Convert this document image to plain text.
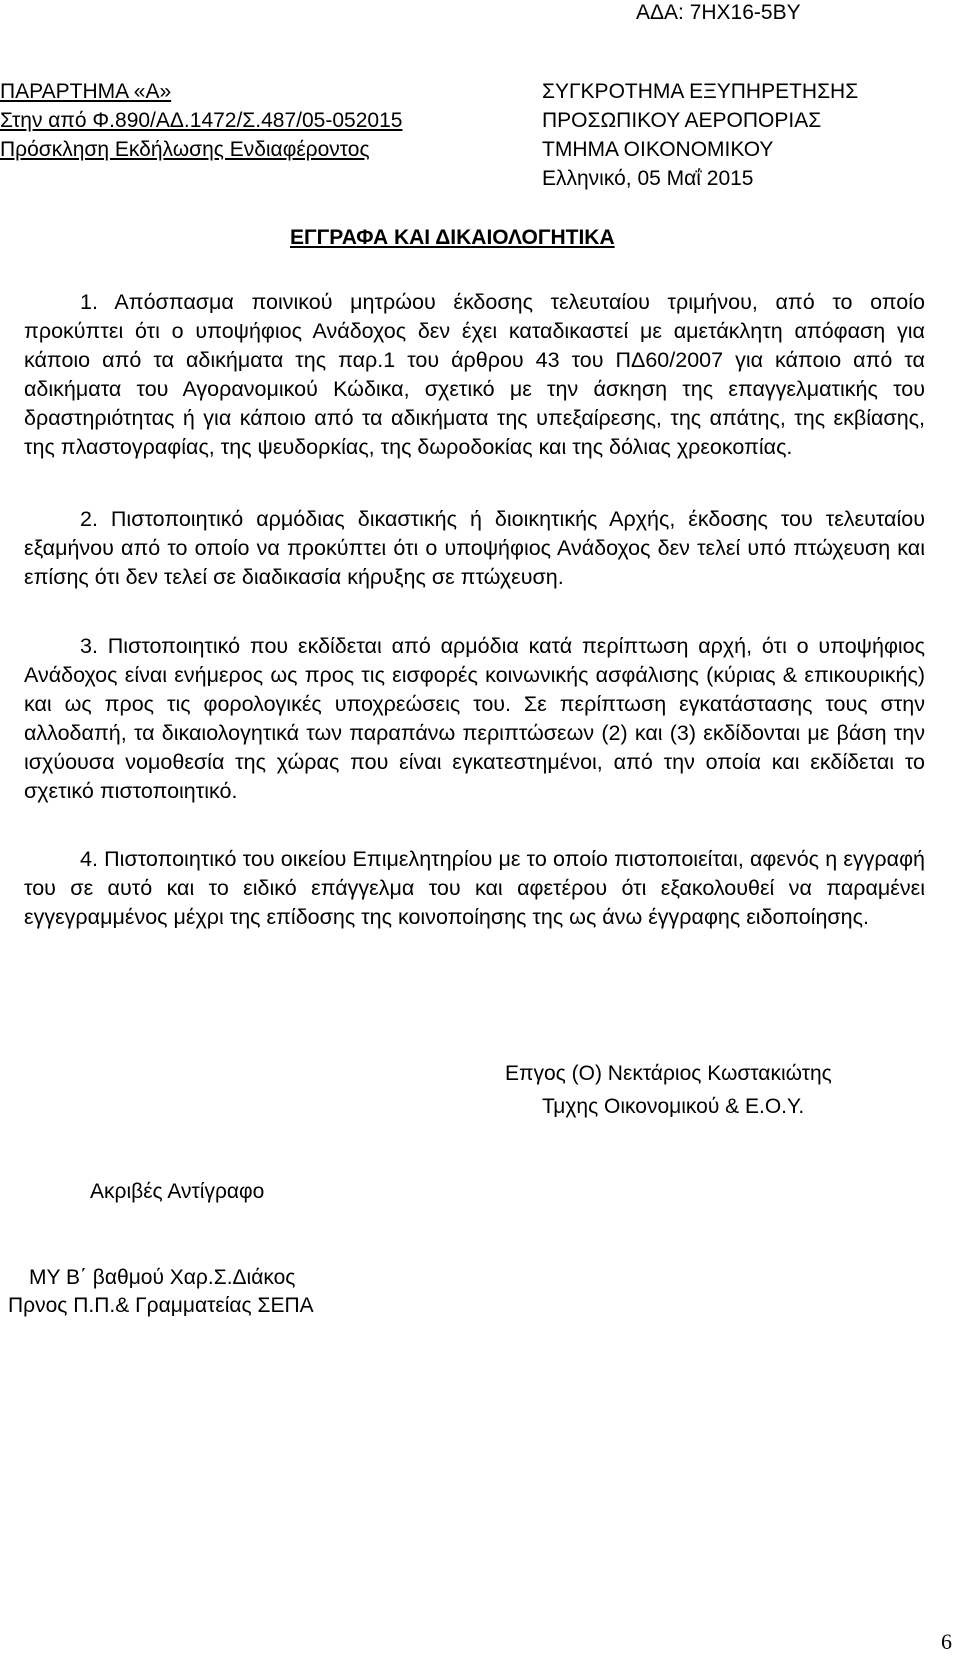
ΑΔΑ: 7ΗΧ16-5ΒΥ
ΠΑΡΑΡΤΗΜΑ «Α»
Στην από Φ.890/ΑΔ.1472/Σ.487/05-052015
Πρόσκληση Εκδήλωσης Ενδιαφέροντος
ΣΥΓΚΡΟΤΗΜΑ ΕΞΥΠΗΡΕΤΗΣΗΣ
ΠΡΟΣΩΠΙΚΟΥ ΑΕΡΟΠΟΡΙΑΣ
ΤΜΗΜΑ ΟΙΚΟΝΟΜΙΚΟΥ
Ελληνικό, 05 Μαΐ 2015
ΕΓΓΡΑΦΑ ΚΑΙ ΔΙΚΑΙΟΛΟΓΗΤΙΚΑ
1. Απόσπασμα ποινικού μητρώου έκδοσης τελευταίου τριμήνου, από το οποίο προκύπτει ότι ο υποψήφιος Ανάδοχος δεν έχει καταδικαστεί με αμετάκλητη απόφαση για κάποιο από τα αδικήματα της παρ.1 του άρθρου 43 του ΠΔ60/2007 για κάποιο από τα αδικήματα του Αγορανομικού Κώδικα, σχετικό με την άσκηση της επαγγελματικής του δραστηριότητας ή για κάποιο από τα αδικήματα της υπεξαίρεσης, της απάτης, της εκβίασης, της πλαστογραφίας, της ψευδορκίας, της δωροδοκίας και της δόλιας χρεοκοπίας.
2. Πιστοποιητικό αρμόδιας δικαστικής ή διοικητικής Αρχής, έκδοσης του τελευταίου εξαμήνου από το οποίο να προκύπτει ότι ο υποψήφιος Ανάδοχος δεν τελεί υπό πτώχευση και επίσης ότι δεν τελεί σε διαδικασία κήρυξης σε πτώχευση.
3. Πιστοποιητικό που εκδίδεται από αρμόδια κατά περίπτωση αρχή, ότι ο υποψήφιος Ανάδοχος είναι ενήμερος ως προς τις εισφορές κοινωνικής ασφάλισης (κύριας & επικουρικής) και ως προς τις φορολογικές υποχρεώσεις του. Σε περίπτωση εγκατάστασης τους στην αλλοδαπή, τα δικαιολογητικά των παραπάνω περιπτώσεων (2) και (3) εκδίδονται με βάση την ισχύουσα νομοθεσία της χώρας που είναι εγκατεστημένοι, από την οποία και εκδίδεται το σχετικό πιστοποιητικό.
4. Πιστοποιητικό του οικείου Επιμελητηρίου με το οποίο πιστοποιείται, αφενός η εγγραφή του σε αυτό και το ειδικό επάγγελμα του και αφετέρου ότι εξακολουθεί να παραμένει εγγεγραμμένος μέχρι της επίδοσης της κοινοποίησης της ως άνω έγγραφης ειδοποίησης.
Επγος (Ο) Νεκτάριος Κωστακιώτης
Τμχης Οικονομικού & Ε.Ο.Υ.
Ακριβές Αντίγραφο
ΜΥ Β΄ βαθμού Χαρ.Σ.Διάκος
Πρνος Π.Π.& Γραμματείας ΣΕΠΑ
6
